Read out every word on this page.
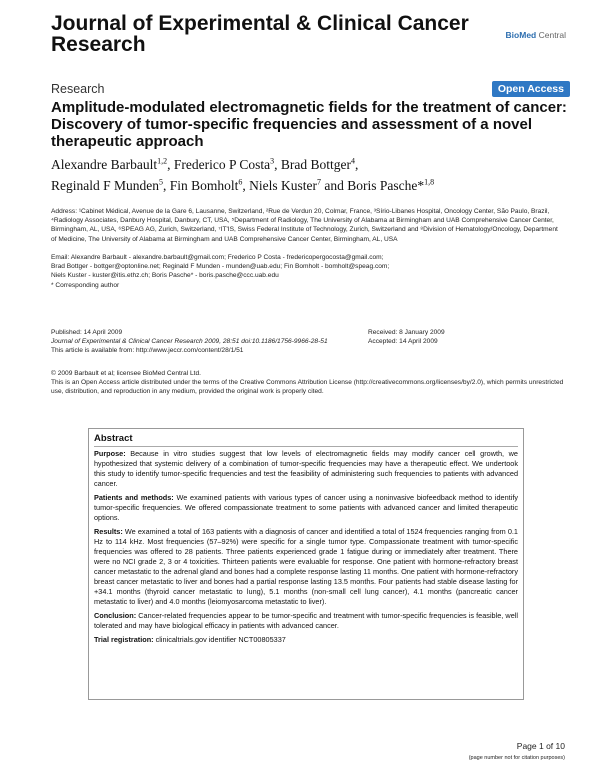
Journal of Experimental & Clinical Cancer Research	BioMed Central
Research	Open Access
Amplitude-modulated electromagnetic fields for the treatment of cancer: Discovery of tumor-specific frequencies and assessment of a novel therapeutic approach
Alexandre Barbault$^{1,2}$, Frederico P Costa$^3$, Brad Bottger$^4$,
Reginald F Munden$^5$, Fin Bomholt$^6$, Niels Kuster$^7$ and Boris Pasche*$^{1,8}$
Address: ¹Cabinet Médical, Avenue de la Gare 6, Lausanne, Switzerland, ²Rue de Verdun 20, Colmar, France, ³Sírio-Libanes Hospital, Oncology Center, São Paulo, Brazil, ⁴Radiology Associates, Danbury Hospital, Danbury, CT, USA, ⁵Department of Radiology, The University of Alabama at Birmingham and UAB Comprehensive Cancer Center, Birmingham, AL, USA, ⁶SPEAG AG, Zurich, Switzerland, ⁷IT'IS, Swiss Federal Institute of Technology, Zurich, Switzerland and ⁸Division of Hematology/Oncology, Department of Medicine, The University of Alabama at Birmingham and UAB Comprehensive Cancer Center, Birmingham, AL, USA
Email: Alexandre Barbault - alexandre.barbault@gmail.com; Frederico P Costa - fredericopergocosta@gmail.com;
Brad Bottger - bottger@optonline.net; Reginald F Munden - munden@uab.edu; Fin Bomholt - bomholt@speag.com;
Niels Kuster - kuster@itis.ethz.ch; Boris Pasche* - boris.pasche@ccc.uab.edu
* Corresponding author
Published: 14 April 2009
Journal of Experimental & Clinical Cancer Research 2009, 28:51 doi:10.1186/1756-9966-28-51
This article is available from: http://www.jeccr.com/content/28/1/51
Received: 8 January 2009
Accepted: 14 April 2009
© 2009 Barbault et al; licensee BioMed Central Ltd.
This is an Open Access article distributed under the terms of the Creative Commons Attribution License (http://creativecommons.org/licenses/by/2.0), which permits unrestricted use, distribution, and reproduction in any medium, provided the original work is properly cited.
Abstract

Purpose: Because in vitro studies suggest that low levels of electromagnetic fields may modify cancer cell growth, we hypothesized that systemic delivery of a combination of tumor-specific frequencies may have a therapeutic effect. We undertook this study to identify tumor-specific frequencies and test the feasibility of administering such frequencies to patients with advanced cancer.

Patients and methods: We examined patients with various types of cancer using a noninvasive biofeedback method to identify tumor-specific frequencies. We offered compassionate treatment to some patients with advanced cancer and limited therapeutic options.

Results: We examined a total of 163 patients with a diagnosis of cancer and identified a total of 1524 frequencies ranging from 0.1 Hz to 114 kHz. Most frequencies (57–92%) were specific for a single tumor type. Compassionate treatment with tumor-specific frequencies was offered to 28 patients. Three patients experienced grade 1 fatigue during or immediately after treatment. There were no NCI grade 2, 3 or 4 toxicities. Thirteen patients were evaluable for response. One patient with hormone-refractory breast cancer metastatic to the adrenal gland and bones had a complete response lasting 11 months. One patient with hormone-refractory breast cancer metastatic to liver and bones had a partial response lasting 13.5 months. Four patients had stable disease lasting for +34.1 months (thyroid cancer metastatic to lung), 5.1 months (non-small cell lung cancer), 4.1 months (pancreatic cancer metastatic to liver) and 4.0 months (leiomyosarcoma metastatic to liver).

Conclusion: Cancer-related frequencies appear to be tumor-specific and treatment with tumor-specific frequencies is feasible, well tolerated and may have biological efficacy in patients with advanced cancer.

Trial registration: clinicaltrials.gov identifier NCT00805337

Page 1 of 10
(page number not for citation purposes)
